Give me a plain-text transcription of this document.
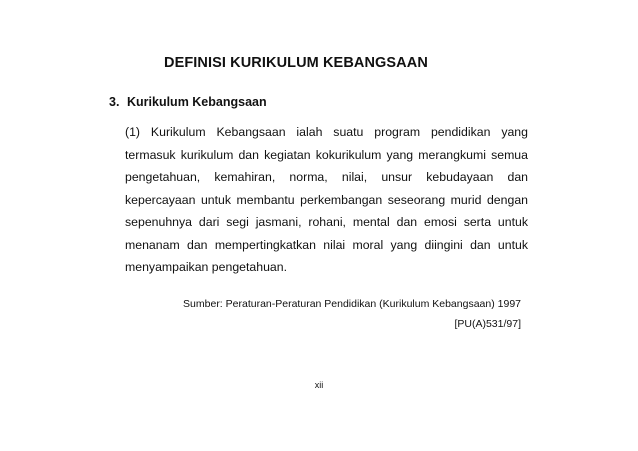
DEFINISI KURIKULUM KEBANGSAAN
3. Kurikulum Kebangsaan
(1) Kurikulum Kebangsaan ialah suatu program pendidikan yang termasuk kurikulum dan kegiatan kokurikulum yang merangkumi semua pengetahuan, kemahiran, norma, nilai, unsur kebudayaan dan kepercayaan untuk membantu perkembangan seseorang murid dengan sepenuhnya dari segi jasmani, rohani, mental dan emosi serta untuk menanam dan mempertingkatkan nilai moral yang diingini dan untuk menyampaikan pengetahuan.
Sumber: Peraturan-Peraturan Pendidikan (Kurikulum Kebangsaan) 1997
[PU(A)531/97]
xii
